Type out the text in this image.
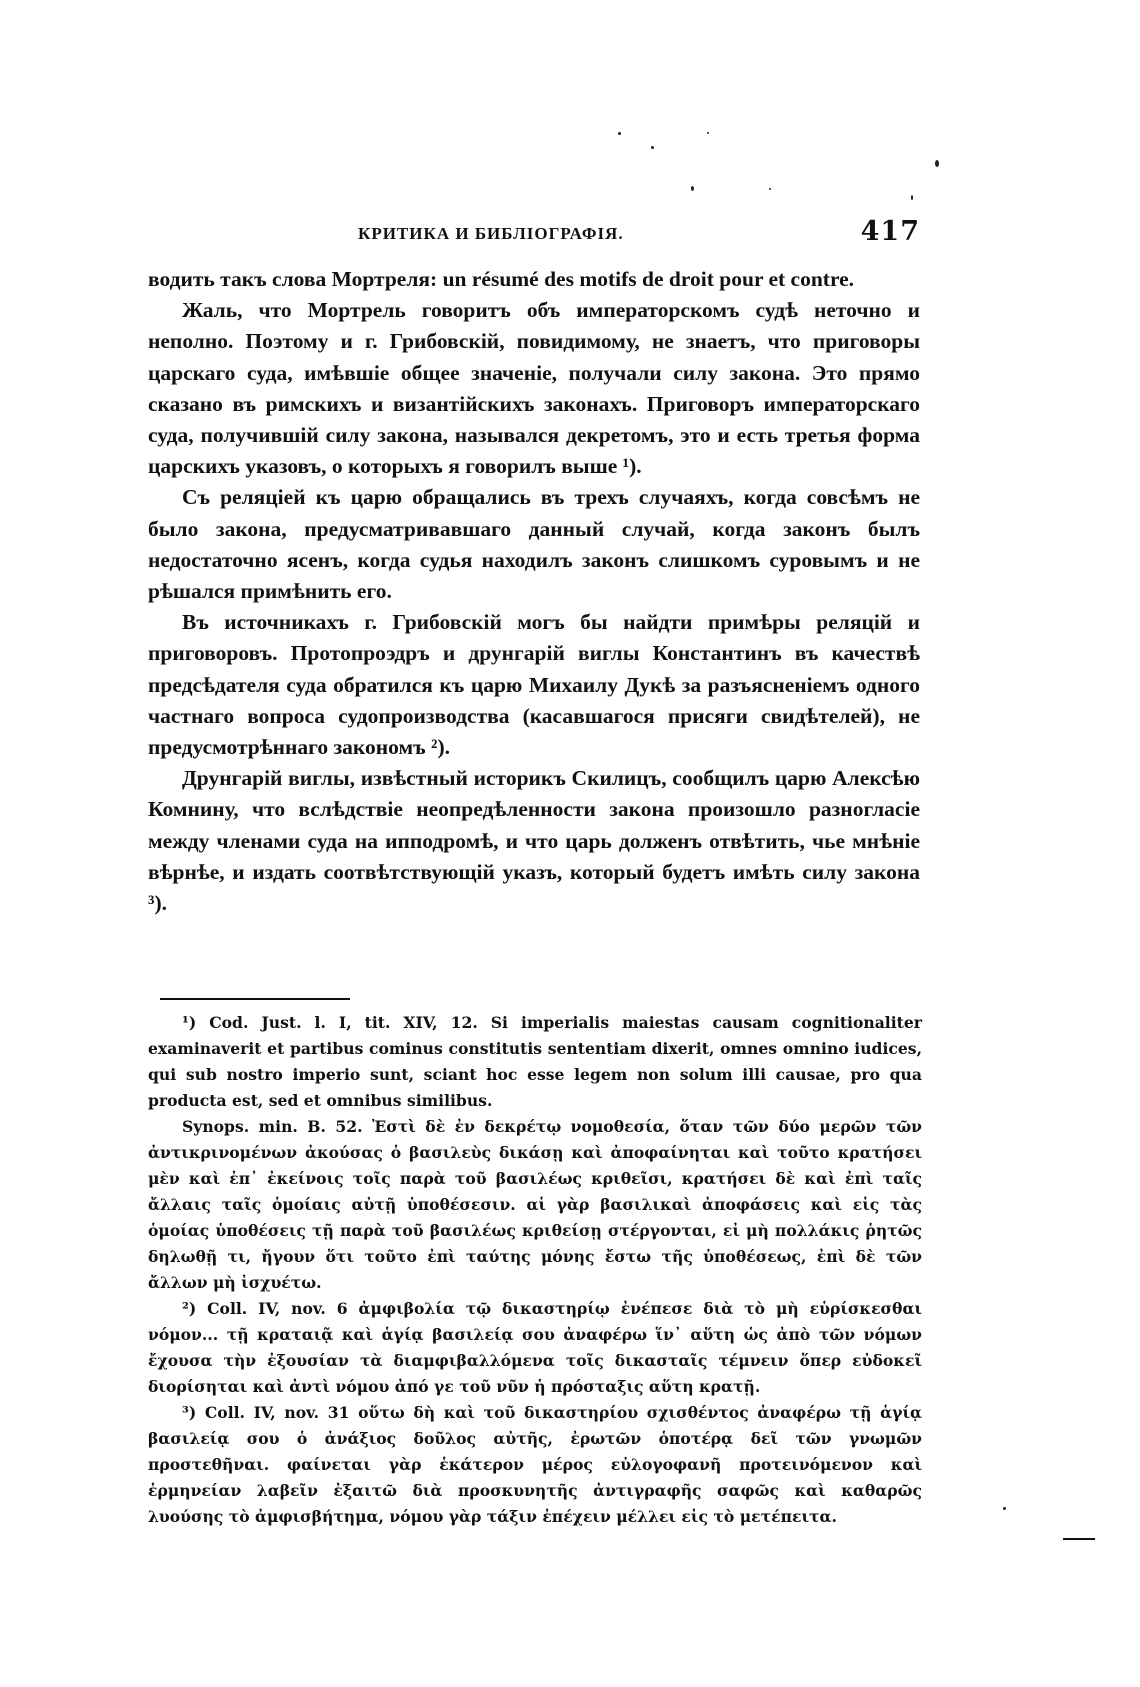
КРИТИКА И БИБЛІОГРАФІЯ.	417

водить такъ слова Мортреля: un résumé des motifs de droit pour et contre.

Жаль, что Мортрель говоритъ объ императорскомъ судѣ неточно и неполно. Поэтому и г. Грибовскій, повидимому, не знаетъ, что приговоры царскаго суда, имѣвшіе общее значеніе, получали силу закона. Это прямо сказано въ римскихъ и византійскихъ законахъ. Приговоръ императорскаго суда, получившій силу закона, назывался декретомъ, это и есть третья форма царскихъ указовъ, о которыхъ я говорилъ выше ¹).

Съ реляціей къ царю обращались въ трехъ случаяхъ, когда совсѣмъ не было закона, предусматривавшаго данный случай, когда законъ былъ недостаточно ясенъ, когда судья находилъ законъ слишкомъ суровымъ и не рѣшался примѣнить его.

Въ источникахъ г. Грибовскій могъ бы найдти примѣры реляцій и приговоровъ. Протопроэдръ и друнгарій виглы Константинъ въ качествѣ предсѣдателя суда обратился къ царю Михаилу Дукѣ за разъясненіемъ одного частнаго вопроса судопроизводства (касавшагося присяги свидѣтелей), не предусмотрѣннаго закономъ ²).

Друнгарій виглы, извѣстный историкъ Скилицъ, сообщилъ царю Алексѣю Комнину, что вслѣдствіе неопредѣленности закона произошло разногласіе между членами суда на ипподромѣ, и что царь долженъ отвѣтить, чье мнѣніе вѣрнѣе, и издать соотвѣтствующій указъ, который будетъ имѣть силу закона ³).

¹) Cod. Just. l. I, tit. XIV, 12. Si imperialis maiestas causam cognitionaliter examinaverit et partibus cominus constitutis sententiam dixerit, omnes omnino iudices, qui sub nostro imperio sunt, sciant hoc esse legem non solum illi causae, pro qua producta est, sed et omnibus similibus.

Synops. min. B. 52. Ἐστὶ δὲ ἐν δεκρέτῳ νομοθεσία, ὅταν τῶν δύο μερῶν τῶν ἀντικρινομένων ἀκούσας ὁ βασιλεὺς δικάσῃ καὶ ἀποφαίνηται καὶ τοῦτο κρατήσει μὲν καὶ ἐπ᾿ ἐκείνοις τοῖς παρὰ τοῦ βασιλέως κριθεῖσι, κρατήσει δὲ καὶ ἐπὶ ταῖς ἄλλαις ταῖς ὁμοίαις αὐτῇ ὑποθέσεσιν. αἱ γὰρ βασιλικαὶ ἀποφάσεις καὶ εἰς τὰς ὁμοίας ὑποθέσεις τῇ παρὰ τοῦ βασιλέως κριθείσῃ στέργονται, εἰ μὴ πολλάκις ῥητῶς δηλωθῇ τι, ἤγουν ὅτι τοῦτο ἐπὶ ταύτης μόνης ἔστω τῆς ὑποθέσεως, ἐπὶ δὲ τῶν ἄλλων μὴ ἰσχυέτω.

²) Coll. IV, nov. 6 ἀμφιβολία τῷ δικαστηρίῳ ἐνέπεσε διὰ τὸ μὴ εὑρίσκεσθαι νόμον... τῇ κραταιᾷ καὶ ἁγίᾳ βασιλείᾳ σου ἀναφέρω ἵν᾿ αὕτη ὡς ἀπὸ τῶν νόμων ἔχουσα τὴν ἐξουσίαν τὰ διαμφιβαλλόμενα τοῖς δικασταῖς τέμνειν ὅπερ εὐδοκεῖ διορίσηται καὶ ἀντὶ νόμου ἀπό γε τοῦ νῦν ἡ πρόσταξις αὕτη κρατῇ.

³) Coll. IV, nov. 31 οὕτω δὴ καὶ τοῦ δικαστηρίου σχισθέντος ἀναφέρω τῇ ἁγίᾳ βασιλείᾳ σου ὁ ἀνάξιος δοῦλος αὐτῆς, ἐρωτῶν ὁποτέρᾳ δεῖ τῶν γνωμῶν προστεθῆναι. φαίνεται γὰρ ἑκάτερον μέρος εὐλογοφανῆ προτεινόμενον καὶ ἑρμηνείαν λαβεῖν ἐξαιτῶ διὰ προσκυνητῆς ἀντιγραφῆς σαφῶς καὶ καθαρῶς λυούσης τὸ ἀμφισβήτημα, νόμου γὰρ τάξιν ἐπέχειν μέλλει εἰς τὸ μετέπειτα.
